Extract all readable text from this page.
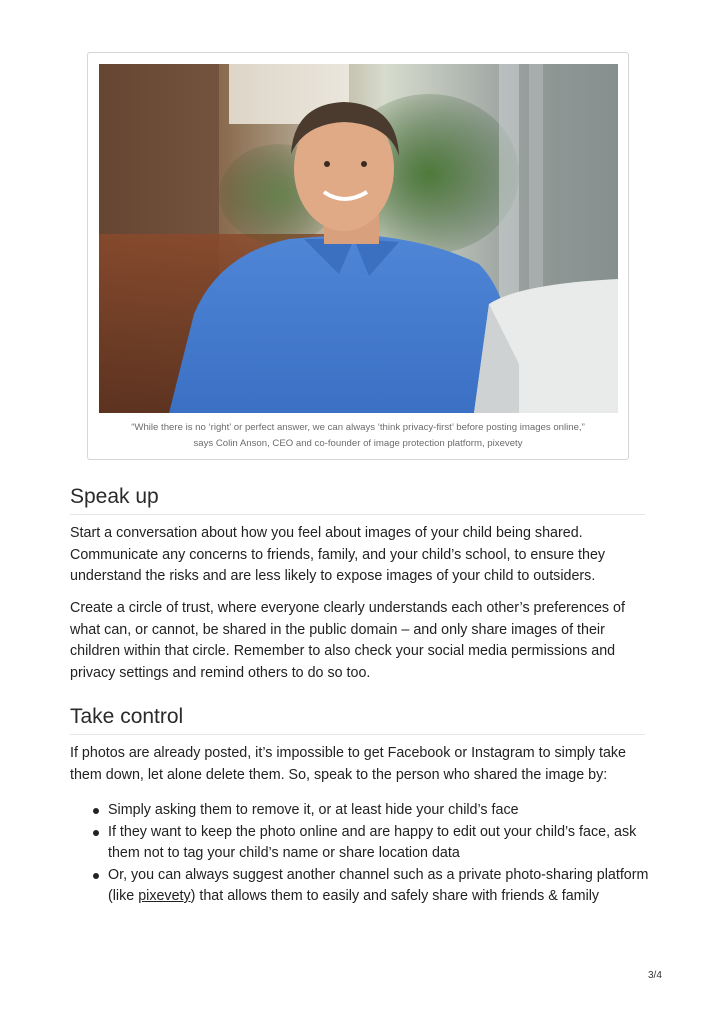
“While there is no ‘right’ or perfect answer, we can always ‘think privacy-first’ before posting images online,”

says Colin Anson, CEO and co-founder of image protection platform, pixevety

Speak up

Start a conversation about how you feel about images of your child being shared. Communicate any concerns to friends, family, and your child’s school, to ensure they understand the risks and are less likely to expose images of your child to outsiders.

Create a circle of trust, where everyone clearly understands each other’s preferences of what can, or cannot, be shared in the public domain – and only share images of their children within that circle. Remember to also check your social media permissions and privacy settings and remind others to do so too.

Take control

If photos are already posted, it’s impossible to get Facebook or Instagram to simply take them down, let alone delete them. So, speak to the person who shared the image by:

Simply asking them to remove it, or at least hide your child’s face
If they want to keep the photo online and are happy to edit out your child’s face, ask them not to tag your child’s name or share location data
Or, you can always suggest another channel such as a private photo-sharing platform (like pixevety) that allows them to easily and safely share with friends & family
3/4
